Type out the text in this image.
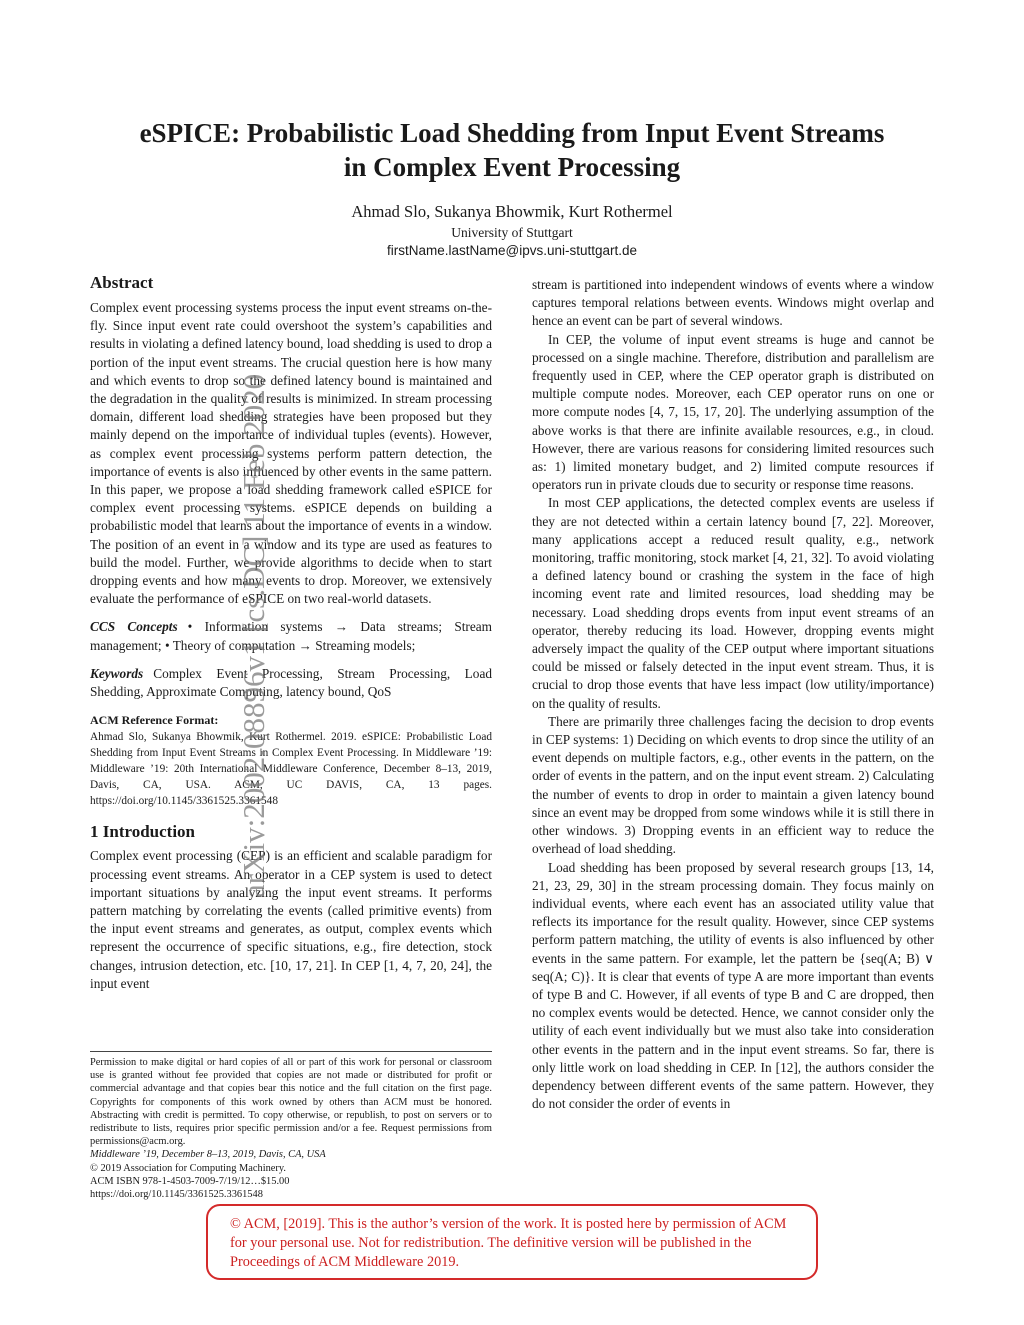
eSPICE: Probabilistic Load Shedding from Input Event Streams
in Complex Event Processing
Ahmad Slo, Sukanya Bhowmik, Kurt Rothermel
University of Stuttgart
firstName.lastName@ipvs.uni-stuttgart.de
Abstract

Complex event processing systems process the input event streams on-the-fly. Since input event rate could overshoot the system’s capabilities and results in violating a defined latency bound, load shedding is used to drop a portion of the input event streams. The crucial question here is how many and which events to drop so the defined latency bound is maintained and the degradation in the quality of results is minimized. In stream processing domain, different load shedding strategies have been proposed but they mainly depend on the importance of individual tuples (events). However, as complex event processing systems perform pattern detection, the importance of events is also influenced by other events in the same pattern. In this paper, we propose a load shedding framework called eSPICE for complex event processing systems. eSPICE depends on building a probabilistic model that learns about the importance of events in a window. The position of an event in a window and its type are used as features to build the model. Further, we provide algorithms to decide when to start dropping events and how many events to drop. Moreover, we extensively evaluate the performance of eSPICE on two real-world datasets.

CCS Concepts • Information systems → Data streams; Stream management; • Theory of computation → Streaming models;

Keywords Complex Event Processing, Stream Processing, Load Shedding, Approximate Computing, latency bound, QoS

ACM Reference Format:

Ahmad Slo, Sukanya Bhowmik, Kurt Rothermel. 2019. eSPICE: Probabilistic Load Shedding from Input Event Streams in Complex Event Processing. In Middleware ’19: Middleware ’19: 20th International Middleware Conference, December 8–13, 2019, Davis, CA, USA. ACM, UC DAVIS, CA, 13 pages. https://doi.org/10.1145/3361525.3361548

1 Introduction

Complex event processing (CEP) is an efficient and scalable paradigm for processing event streams. An operator in a CEP system is used to detect important situations by analyzing the input event streams. It performs pattern matching by correlating the events (called primitive events) from the input event streams and generates, as output, complex events which represent the occurrence of specific situations, e.g., fire detection, stock changes, intrusion detection, etc. [10, 17, 21]. In CEP [1, 4, 7, 20, 24], the input event

Permission to make digital or hard copies of all or part of this work for personal or classroom use is granted without fee provided that copies are not made or distributed for profit or commercial advantage and that copies bear this notice and the full citation on the first page. Copyrights for components of this work owned by others than ACM must be honored. Abstracting with credit is permitted. To copy otherwise, or republish, to post on servers or to redistribute to lists, requires prior specific permission and/or a fee. Request permissions from permissions@acm.org.

Middleware ’19, December 8–13, 2019, Davis, CA, USA

© 2019 Association for Computing Machinery.

ACM ISBN 978-1-4503-7009-7/19/12…$15.00

https://doi.org/10.1145/3361525.3361548

stream is partitioned into independent windows of events where a window captures temporal relations between events. Windows might overlap and hence an event can be part of several windows.

In CEP, the volume of input event streams is huge and cannot be processed on a single machine. Therefore, distribution and parallelism are frequently used in CEP, where the CEP operator graph is distributed on multiple compute nodes. Moreover, each CEP operator runs on one or more compute nodes [4, 7, 15, 17, 20]. The underlying assumption of the above works is that there are infinite available resources, e.g., in cloud. However, there are various reasons for considering limited resources such as: 1) limited monetary budget, and 2) limited compute resources if operators run in private clouds due to security or response time reasons.

In most CEP applications, the detected complex events are useless if they are not detected within a certain latency bound [7, 22]. Moreover, many applications accept a reduced result quality, e.g., network monitoring, traffic monitoring, stock market [4, 21, 32]. To avoid violating a defined latency bound or crashing the system in the face of high incoming event rate and limited resources, load shedding may be necessary. Load shedding drops events from input event streams of an operator, thereby reducing its load. However, dropping events might adversely impact the quality of the CEP output where important situations could be missed or falsely detected in the input event stream. Thus, it is crucial to drop those events that have less impact (low utility/importance) on the quality of results.

There are primarily three challenges facing the decision to drop events in CEP systems: 1) Deciding on which events to drop since the utility of an event depends on multiple factors, e.g., other events in the pattern, on the order of events in the pattern, and on the input event stream. 2) Calculating the number of events to drop in order to maintain a given latency bound since an event may be dropped from some windows while it is still there in other windows. 3) Dropping events in an efficient way to reduce the overhead of load shedding.

Load shedding has been proposed by several research groups [13, 14, 21, 23, 29, 30] in the stream processing domain. They focus mainly on individual events, where each event has an associated utility value that reflects its importance for the result quality. However, since CEP systems perform pattern matching, the utility of events is also influenced by other events in the same pattern. For example, let the pattern be {seq(A; B) ∨ seq(A; C)}. It is clear that events of type A are more important than events of type B and C. However, if all events of type B and C are dropped, then no complex events would be detected. Hence, we cannot consider only the utility of each event individually but we must also take into consideration other events in the pattern and in the input event streams. So far, there is only little work on load shedding in CEP. In [12], the authors consider the dependency between different events of the same pattern. However, they do not consider the order of events in

© ACM, [2019]. This is the author’s version of the work. It is posted here by permission of ACM for your personal use. Not for redistribution. The definitive version will be published in the Proceedings of ACM Middleware 2019.
arXiv:2002.08896v1 [cs.DC] 11 Feb 2020
